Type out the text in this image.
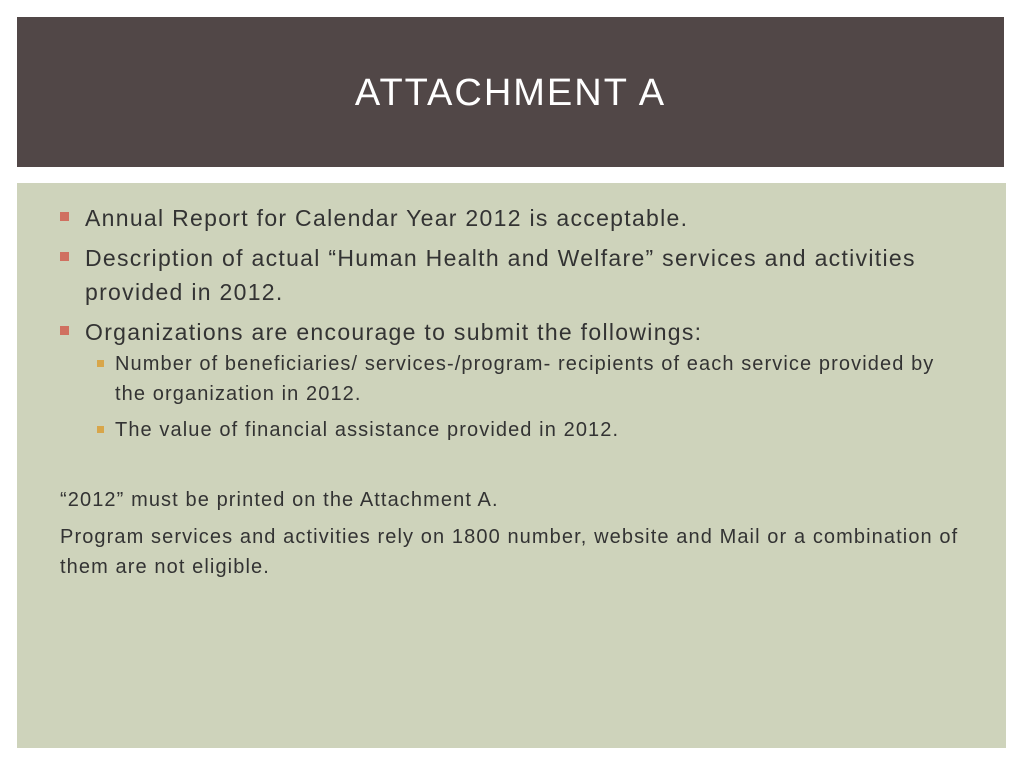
ATTACHMENT A
Annual Report for Calendar Year 2012 is acceptable.
Description of actual “Human Health and Welfare” services and activities provided in 2012.
Organizations are encourage to submit the followings:
Number of beneficiaries/ services-/program- recipients of each service provided by the organization in 2012.
The value of financial assistance provided in 2012.

“2012” must be printed on the Attachment A.

Program services and activities rely on 1800 number, website and Mail or a combination of them are not eligible.
